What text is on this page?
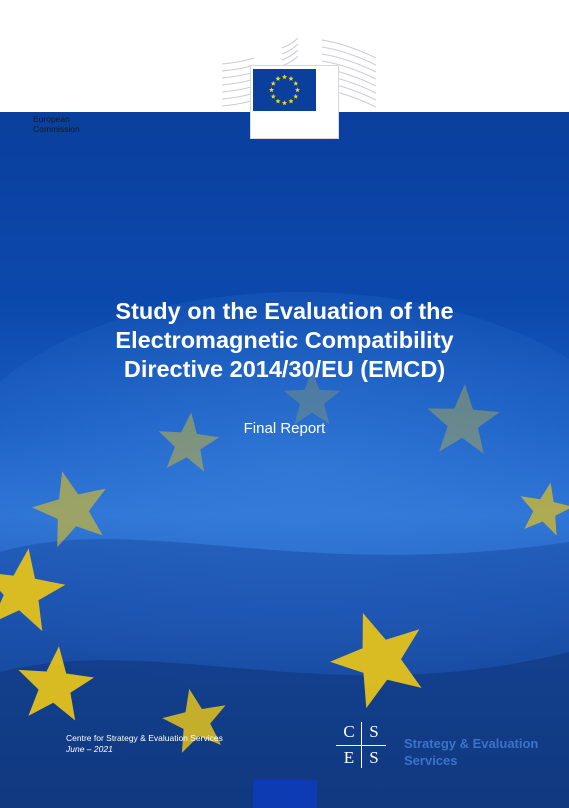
European
Commission
Study on the Evaluation of the
Electromagnetic Compatibility
Directive 2014/30/EU (EMCD)
Final Report
Centre for Strategy & Evaluation Services
June – 2021
C S
E S
Strategy & Evaluation
Services
